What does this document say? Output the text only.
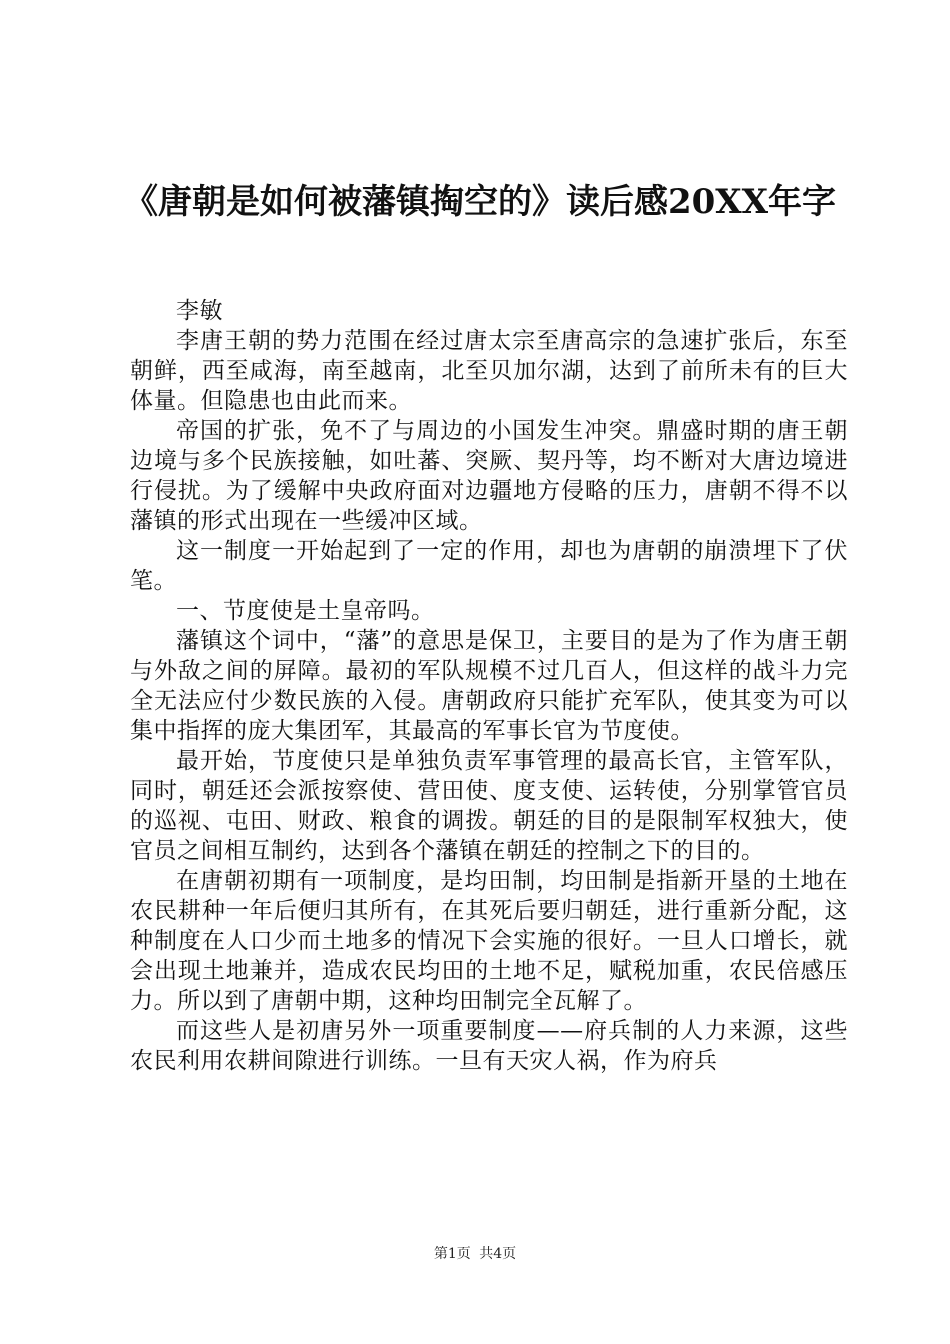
《唐朝是如何被藩镇掏空的》读后感20XX年字

李敏

李唐王朝的势力范围在经过唐太宗至唐高宗的急速扩张后，东至朝鲜，西至咸海，南至越南，北至贝加尔湖，达到了前所未有的巨大体量。但隐患也由此而来。

帝国的扩张，免不了与周边的小国发生冲突。鼎盛时期的唐王朝边境与多个民族接触，如吐蕃、突厥、契丹等，均不断对大唐边境进行侵扰。为了缓解中央政府面对边疆地方侵略的压力，唐朝不得不以藩镇的形式出现在一些缓冲区域。

这一制度一开始起到了一定的作用，却也为唐朝的崩溃埋下了伏笔。

一、节度使是土皇帝吗。

藩镇这个词中，“藩”的意思是保卫，主要目的是为了作为唐王朝与外敌之间的屏障。最初的军队规模不过几百人，但这样的战斗力完全无法应付少数民族的入侵。唐朝政府只能扩充军队，使其变为可以集中指挥的庞大集团军，其最高的军事长官为节度使。

最开始，节度使只是单独负责军事管理的最高长官，主管军队，同时，朝廷还会派按察使、营田使、度支使、运转使，分别掌管官员的巡视、屯田、财政、粮食的调拨。朝廷的目的是限制军权独大，使官员之间相互制约，达到各个藩镇在朝廷的控制之下的目的。

在唐朝初期有一项制度，是均田制，均田制是指新开垦的土地在农民耕种一年后便归其所有，在其死后要归朝廷，进行重新分配，这种制度在人口少而土地多的情况下会实施的很好。一旦人口增长，就会出现土地兼并，造成农民均田的土地不足，赋税加重，农民倍感压力。所以到了唐朝中期，这种均田制完全瓦解了。

而这些人是初唐另外一项重要制度——府兵制的人力来源，这些农民利用农耕间隙进行训练。一旦有天灾人祸，作为府兵

第1页 共4页
